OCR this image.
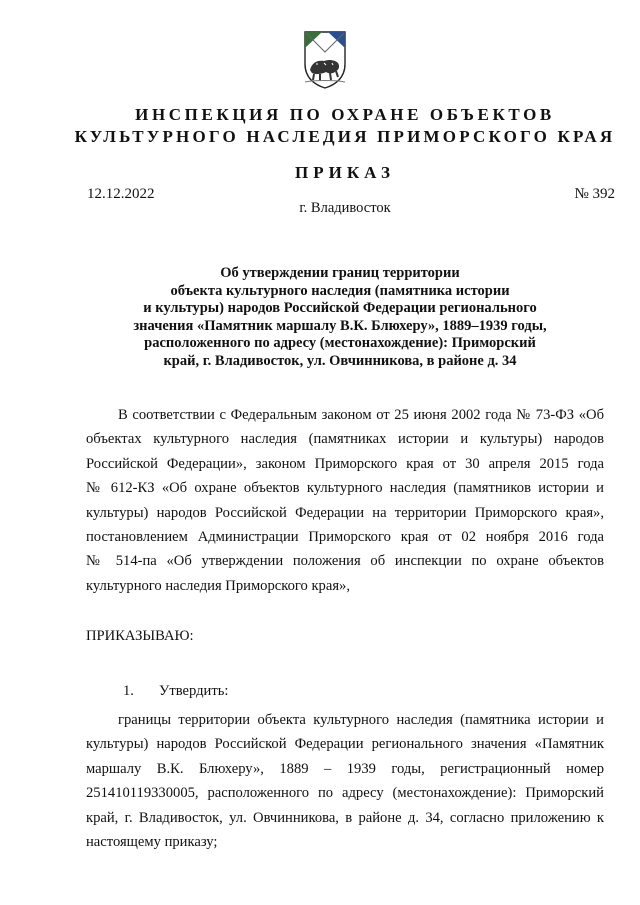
ИНСПЕКЦИЯ ПО ОХРАНЕ ОБЪЕКТОВ
КУЛЬТУРНОГО НАСЛЕДИЯ ПРИМОРСКОГО КРАЯ
ПРИКАЗ
12.12.2022	№ 392
г. Владивосток
Об утверждении границ территории
объекта культурного наследия (памятника истории
и культуры) народов Российской Федерации регионального
значения «Памятник маршалу В.К. Блюхеру», 1889–1939 годы,
расположенного по адресу (местонахождение): Приморский
край, г. Владивосток, ул. Овчинникова, в районе д. 34
В соответствии с Федеральным законом от 25 июня 2002 года № 73-ФЗ «Об
объектах культурного наследия (памятниках истории и культуры) народов
Российской Федерации», законом Приморского края от 30 апреля 2015 года
№ 612-КЗ «Об охране объектов культурного наследия (памятников истории и
культуры) народов Российской Федерации на территории Приморского края»,
постановлением Администрации Приморского края от 02 ноября 2016 года
№ 514-па «Об утверждении положения об инспекции по охране объектов
культурного наследия Приморского края»,
ПРИКАЗЫВАЮ:
1. Утвердить:
границы территории объекта культурного наследия (памятника истории и
культуры) народов Российской Федерации регионального значения «Памятник
маршалу В.К. Блюхеру», 1889 – 1939 годы, регистрационный номер
251410119330005, расположенного по адресу (местонахождение): Приморский
край, г. Владивосток, ул. Овчинникова, в районе д. 34, согласно приложению к
настоящему приказу;
